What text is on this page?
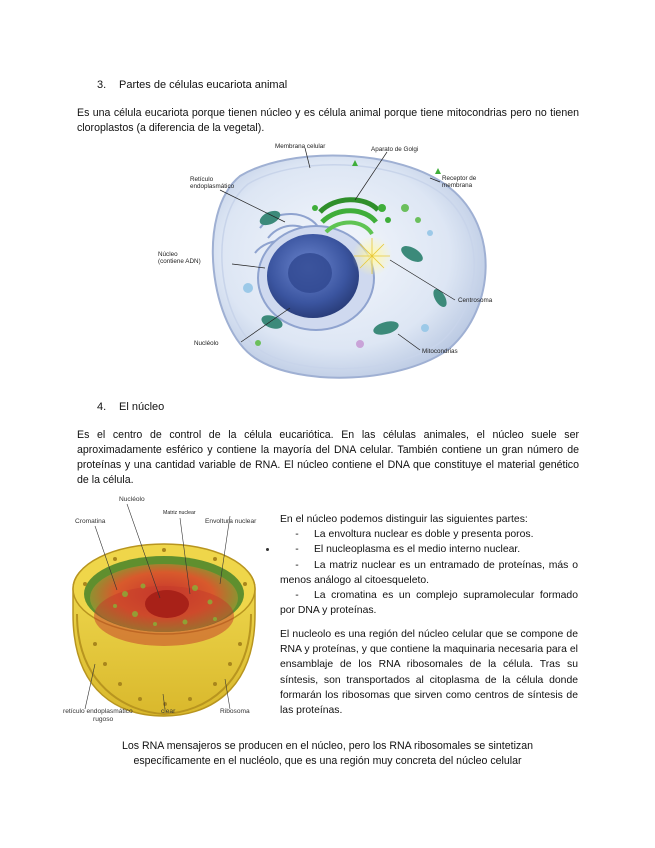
3. Partes de células eucariota animal
Es una célula eucariota porque tienen núcleo y es célula animal porque tiene mitocondrias pero no tienen cloroplastos (a diferencia de la vegetal).
Membrana celular	Aparato de Golgi
Retículo
endoplasmático
Receptor de
membrana
Núcleo
(contiene ADN)
Centrosoma
Nucléolo
Mitocondrias
4. El núcleo
Es el centro de control de la célula eucariótica. En las células animales, el núcleo suele ser aproximadamente esférico y contiene la mayoría del DNA celular. También contiene un gran número de proteínas y una cantidad variable de RNA. El núcleo contiene el DNA que constituye el material genético de la célula.
Nucléolo
Cromatina
Matriz nuclear
Envoltura nuclear
retículo endoplasmático
rugoso
clear	Ribosoma
En el núcleo podemos distinguir las siguientes partes:
- La envoltura nuclear es doble y presenta poros.
- El nucleoplasma es el medio interno nuclear.
- La matriz nuclear es un entramado de proteínas, más o menos análogo al citoesqueleto.
- La cromatina es un complejo supramolecular formado por DNA y proteínas.
El nucleolo es una región del núcleo celular que se compone de RNA y proteínas, y que contiene la maquinaria necesaria para el ensamblaje de los RNA ribosomales de la célula. Tras su síntesis, son transportados al citoplasma de la célula donde formarán los ribosomas que sirven como centros de síntesis de las proteínas.
Los RNA mensajeros se producen en el núcleo, pero los RNA ribosomales se sintetizan
específicamente en el nucléolo, que es una región muy concreta del núcleo celular
